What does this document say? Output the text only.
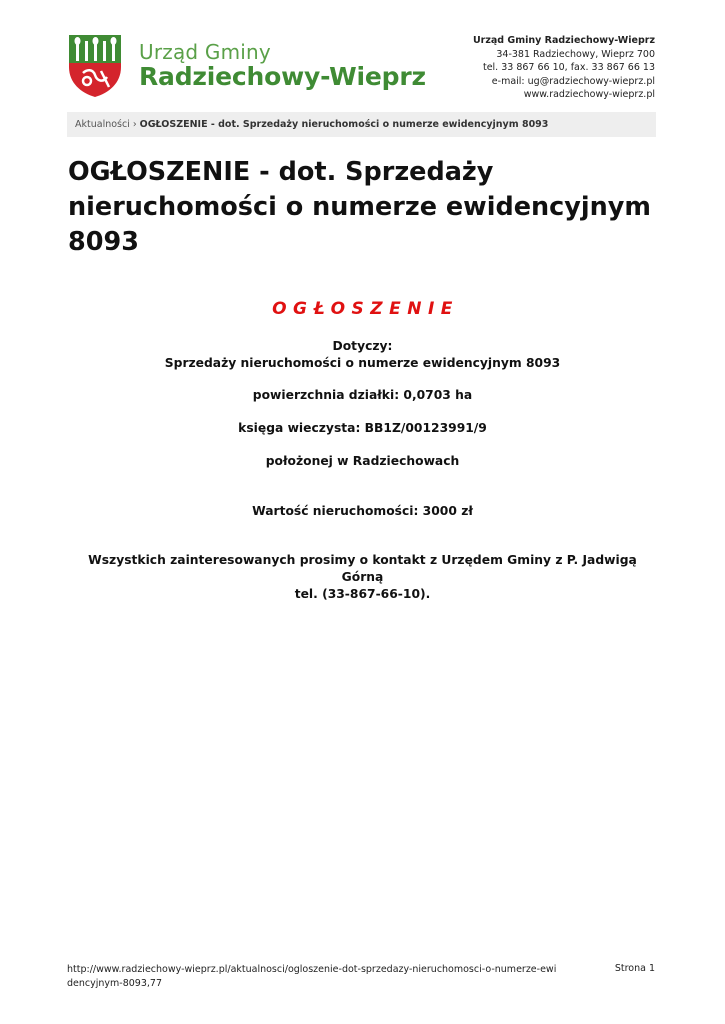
Urząd Gminy
Radziechowy-Wieprz
Urząd Gminy Radziechowy-Wieprz
34-381 Radziechowy, Wieprz 700
tel. 33 867 66 10, fax. 33 867 66 13
e-mail: ug@radziechowy-wieprz.pl
www.radziechowy-wieprz.pl
Aktualności › OGŁOSZENIE - dot. Sprzedaży nieruchomości o numerze ewidencyjnym 8093
OGŁOSZENIE - dot. Sprzedaży nieruchomości o numerze ewidencyjnym 8093

OGŁOSZENIE

Dotyczy:

Sprzedaży nieruchomości o numerze ewidencyjnym 8093

powierzchnia działki: 0,0703 ha

księga wieczysta: BB1Z/00123991/9

położonej w Radziechowach

Wartość nieruchomości: 3000 zł

Wszystkich zainteresowanych prosimy o kontakt z Urzędem Gminy z P. Jadwigą Górną

tel. (33-867-66-10).

http://www.radziechowy-wieprz.pl/aktualnosci/ogloszenie-dot-sprzedazy-nieruchomosci-o-numerze-ewidencyjnym-8093,77
Strona 1
